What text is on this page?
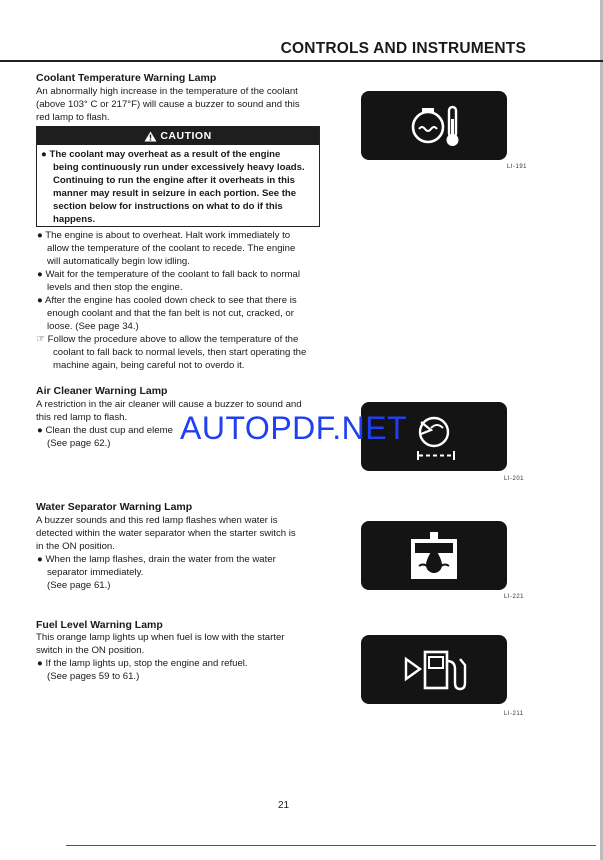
CONTROLS AND INSTRUMENTS
Coolant Temperature Warning Lamp
An abnormally high increase in the temperature of the coolant
(above 103° C or 217°F) will cause a buzzer to sound and this
red lamp to flash.
CAUTION
● The coolant may overheat as a result of the engine
being continuously run under excessively heavy loads.
Continuing to run the engine after it overheats in this
manner may result in seizure in each portion. See the
section below for instructions on what to do if this
happens.
● The engine is about to overheat. Halt work immediately to
allow the temperature of the coolant to recede. The engine
will automatically begin low idling.
● Wait for the temperature of the coolant to fall back to normal
levels and then stop the engine.
● After the engine has cooled down check to see that there is
enough coolant and that the fan belt is not cut, cracked, or
loose. (See page 34.)
☞ Follow the procedure above to allow the temperature of the
coolant to fall back to normal levels, then start operating the
machine again, being careful not to overdo it.
LI-191
Air Cleaner Warning Lamp
A restriction in the air cleaner will cause a buzzer to sound and
this red lamp to flash.
● Clean the dust cup and eleme
(See page 62.)
LI-201
AUTOPDF.NET
Water Separator Warning Lamp
A buzzer sounds and this red lamp flashes when water is
detected within the water separator when the starter switch is
in the ON position.
● When the lamp flashes, drain the water from the water
separator immediately.
(See page 61.)
LI-221
Fuel Level Warning Lamp
This orange lamp lights up when fuel is low with the starter
switch in the ON position.
● If the lamp lights up, stop the engine and refuel.
(See pages 59 to 61.)
LI-211
21
